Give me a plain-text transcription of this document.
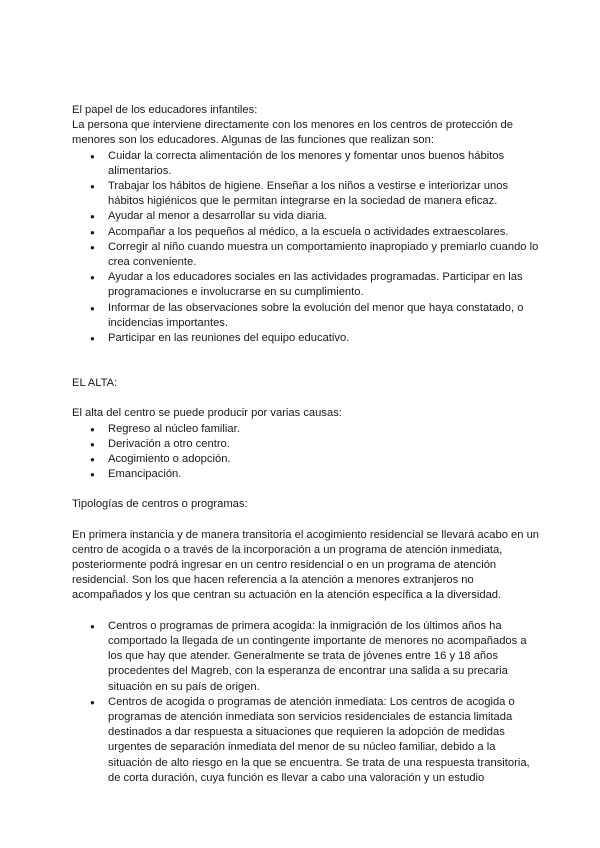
El papel de los educadores infantiles:

La persona que interviene directamente con los menores en los centros de protección de menores son los educadores. Algunas de las funciones que realizan son:

● Cuidar la correcta alimentación de los menores y fomentar unos buenos hábitos alimentarios.
● Trabajar los hábitos de higiene. Enseñar a los niños a vestirse e interiorizar unos hábitos higiénicos que le permitan integrarse en la sociedad de manera eficaz.
● Ayudar al menor a desarrollar su vida diaria.
● Acompañar a los pequeños al médico, a la escuela o actividades extraescolares.
● Corregir al niño cuando muestra un comportamiento inapropiado y premiarlo cuando lo crea conveniente.
● Ayudar a los educadores sociales en las actividades programadas. Participar en las programaciones e involucrarse en su cumplimiento.
● Informar de las observaciones sobre la evolución del menor que haya constatado, o incidencias importantes.
● Participar en las reuniones del equipo educativo.

EL ALTA:

El alta del centro se puede producir por varias causas:

● Regreso al núcleo familiar.
● Derivación a otro centro.
● Acogimiento o adopción.
● Emancipación.

Tipologías de centros o programas:

En primera instancia y de manera transitoria el acogimiento residencial se llevará acabo en un centro de acogida o a través de la incorporación a un programa de atención inmediata, posteriormente podrá ingresar en un centro residencial o en un programa de atención residencial. Son los que hacen referencia a la atención a menores extranjeros no acompañados y los que centran su actuación en la atención específica a la diversidad.

● Centros o programas de primera acogida: la inmigración de los últimos años ha comportado la llegada de un contingente importante de menores no acompañados a los que hay que atender. Generalmente se trata de jóvenes entre 16 y 18 años procedentes del Magreb, con la esperanza de encontrar una salida a su precaria situación en su país de origen.
● Centros de acogida o programas de atención inmediata: Los centros de acogida o programas de atención inmediata son servicios residenciales de estancia limitada destinados a dar respuesta a situaciones que requieren la adopción de medidas urgentes de separación inmediata del menor de su núcleo familiar, debido a la situación de alto riesgo en la que se encuentra. Se trata de una respuesta transitoria, de corta duración, cuya función es llevar a cabo una valoración y un estudio
